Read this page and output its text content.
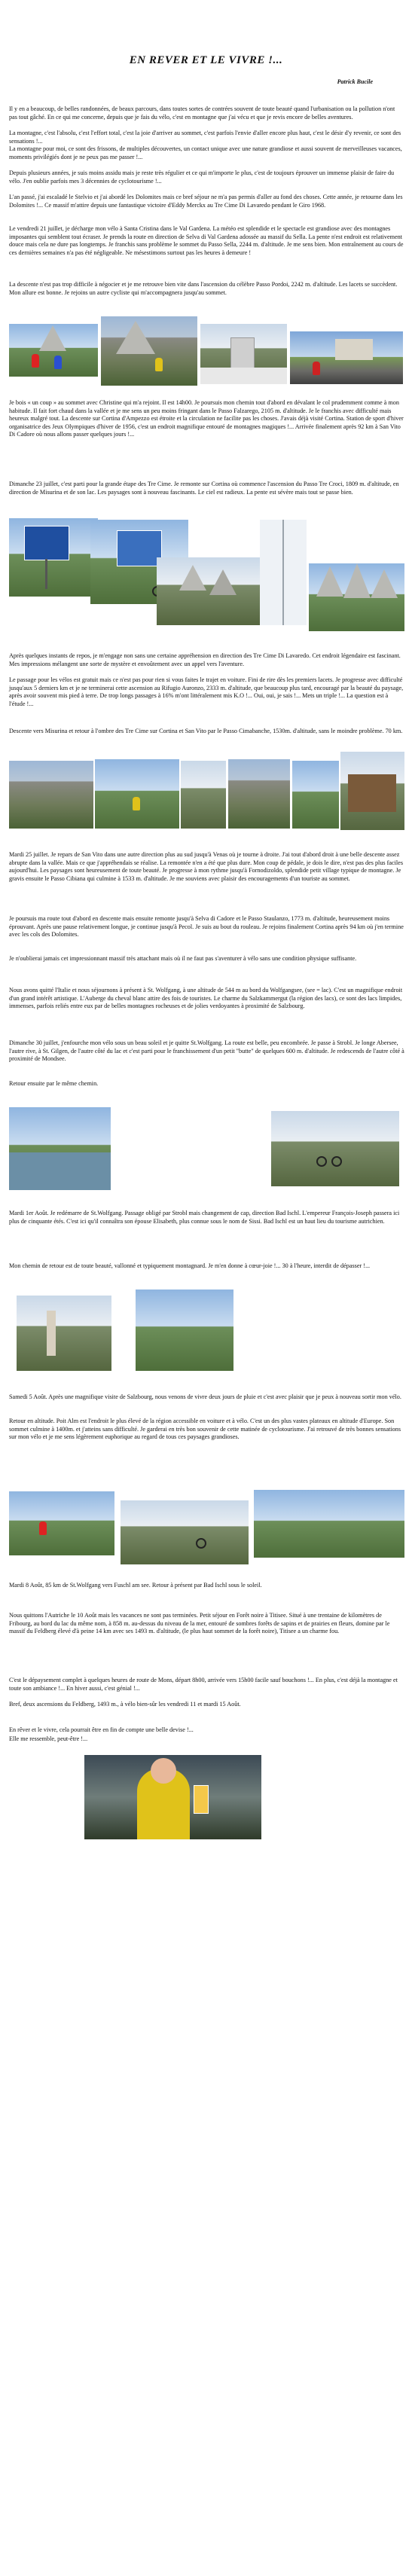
EN REVER ET LE VIVRE !...
Patrick Bucile

Il y en a beaucoup, de belles randonnées, de beaux parcours, dans toutes sortes de contrées souvent de toute beauté quand l'urbanisation ou la pollution n'ont pas tout gâché. En ce qui me concerne, depuis que je fais du vélo, c'est en montagne que j'ai vécu et que je revis encore de belles aventures.

La montagne, c'est l'absolu, c'est l'effort total, c'est la joie d'arriver au sommet, c'est parfois l'envie d'aller encore plus haut, c'est le désir d'y revenir, ce sont des sensations !...

La montagne pour moi, ce sont des frissons, de multiples découvertes, un contact unique avec une nature grandiose et aussi souvent de merveilleuses vacances, moments privilégiés dont je ne peux pas me passer !...

Depuis plusieurs années, je suis moins assidu mais je reste très régulier et ce qui m'importe le plus, c'est de toujours éprouver un immense plaisir de faire du vélo. J'en oublie parfois mes 3 décennies de cyclotourisme !...

L'an passé, j'ai escaladé le Stelvio et j'ai abordé les Dolomites mais ce bref séjour ne m'a pas permis d'aller au fond des choses. Cette année, je retourne dans les Dolomites !... Ce massif m'attire depuis une fantastique victoire d'Eddy Merckx au Tre Cime Di Lavaredo pendant le Giro 1968.

Le vendredi 21 juillet, je décharge mon vélo à Santa Cristina dans le Val Gardena. La météo est splendide et le spectacle est grandiose avec des montagnes imposantes qui semblent tout écraser. Je prends la route en direction de Selva di Val Gardena adossée au massif du Sella. La pente n'est endroit est relativement douce mais cela ne dure pas longtemps. Je franchis sans problème le sommet du Passo Sella, 2244 m. d'altitude. Je me sens bien. Mon entraînement au cours de ces dernières semaines n'a pas été négligeable. Ne mésestimons surtout pas les heures à demeure !

La descente n'est pas trop difficile à négocier et je me retrouve bien vite dans l'ascension du célèbre Passo Pordoi, 2242 m. d'altitude. Les lacets se succèdent. Mon allure est bonne. Je rejoins un autre cycliste qui m'accompagnera jusqu'au sommet.

Je bois « un coup » au sommet avec Christine qui m'a rejoint. Il est 14h00. Je poursuis mon chemin tout d'abord en dévalant le col prudemment comme à mon habitude. Il fait fort chaud dans la vallée et je me sens un peu moins fringant dans le Passo Falzarego, 2105 m. d'altitude. Je le franchis avec difficulté mais heureux malgré tout. La descente sur Cortina d'Ampezzo est étroite et la circulation ne facilite pas les choses. J'avais déjà visité Cortina. Station de sport d'hiver organisatrice des Jeux Olympiques d'hiver de 1956, c'est un endroit magnifique entouré de montagnes magiques !... Arrivée finalement après 92 km à San Vito Di Cadore où nous allons passer quelques jours !...

Dimanche 23 juillet, c'est parti pour la grande étape des Tre Cime. Je remonte sur Cortina où commence l'ascension du Passo Tre Croci, 1809 m. d'altitude, en direction de Misurina et de son lac. Les paysages sont à nouveau fascinants. Le ciel est radieux. La pente est sévère mais tout se passe bien.

Après quelques instants de repos, je m'engage non sans une certaine appréhension en direction des Tre Cime Di Lavaredo. Cet endroit légendaire est fascinant. Mes impressions mélangent une sorte de mystère et envoûtement avec un appel vers l'aventure.

Le passage pour les vélos est gratuit mais ce n'est pas pour rien si vous faites le trajet en voiture. Fini de rire dès les premiers lacets. Je progresse avec difficulté jusqu'aux 5 derniers km et je ne terminerai cette ascension au Rifugio Auronzo, 2333 m. d'altitude, que beaucoup plus tard, encouragé par la beauté du paysage, après avoir souvent mis pied à terre. De trop longs passages à 16% m'ont littéralement mis K.O !... Oui, oui, je sais !... Mets un triple !... La question est à l'étude !...

Descente vers Misurina et retour à l'ombre des Tre Cime sur Cortina et San Vito par le Passo Cimabanche, 1530m. d'altitude, sans le moindre problème. 70 km.

Mardi 25 juillet. Je repars de San Vito dans une autre direction plus au sud jusqu'à Venas où je tourne à droite. J'ai tout d'abord droit à une belle descente assez abrupte dans la vallée. Mais ce que j'appréhendais se réalise. La remontée n'en a été que plus dure. Mon coup de pédale, je dois le dire, n'est pas des plus faciles aujourd'hui. Les paysages sont heureusement de toute beauté. Je progresse à mon rythme jusqu'à Fornodizoldo, splendide petit village typique de montagne. Je gravis ensuite le Passo Cibiana qui culmine à 1533 m. d'altitude. Je me souviens avec plaisir des encouragements d'un touriste au sommet.

Je poursuis ma route tout d'abord en descente mais ensuite remonte jusqu'à Selva di Cadore et le Passo Staulanzo, 1773 m. d'altitude, heureusement moins éprouvant. Après une pause relativement longue, je continue jusqu'à Pecol. Je suis au bout du rouleau. Je rejoins finalement Cortina après 94 km où j'en termine avec les cols des Dolomites.

Je n'oublierai jamais cet impressionnant massif très attachant mais où il ne faut pas s'aventurer à vélo sans une condition physique suffisante.

Nous avons quitté l'Italie et nous séjournons à présent à St. Wolfgang, à une altitude de 544 m au bord du Wolfgangsee, (see = lac). C'est un magnifique endroit d'un grand intérêt artistique. L'Auberge du cheval blanc attire des fois de touristes. Le charme du Salzkammergut (la région des lacs), ce sont des lacs limpides, immenses, parfois reliés entre eux par de belles montagnes rocheuses et de jolies verdoyantes à proximité de Salzbourg.

Dimanche 30 juillet, j'enfourche mon vélo sous un beau soleil et je quitte St.Wolfgang. La route est belle, peu encombrée. Je passe à Strobl. Je longe Abersee, l'autre rive, à St. Gilgen, de l'autre côté du lac et c'est parti pour le franchissement d'un petit "butte" de quelques 600 m. d'altitude. Je redescends de l'autre côté à proximité de Mondsee.

Retour ensuite par le même chemin.

Mardi 1er Août. Je redémarre de St.Wolfgang. Passage obligé par Strobl mais changement de cap, direction Bad Ischl. L'empereur François-Joseph passera ici plus de cinquante étés. C'est ici qu'il connaîtra son épouse Elisabeth, plus connue sous le nom de Sissi. Bad Ischl est un haut lieu du tourisme autrichien.

Mon chemin de retour est de toute beauté, vallonné et typiquement montagnard. Je m'en donne à cœur-joie !... 30 à l'heure, interdit de dépasser !...

Samedi 5 Août. Après une magnifique visite de Salzbourg, nous venons de vivre deux jours de pluie et c'est avec plaisir que je peux à nouveau sortir mon vélo.

Retour en altitude. Poit Alm est l'endroit le plus élevé de la région accessible en voiture et à vélo. C'est un des plus vastes plateaux en altitude d'Europe. Son sommet culmine à 1400m. et j'atteins sans difficulté. Je garderai en très bon souvenir de cette matinée de cyclotourisme. J'ai retrouvé de très bonnes sensations sur mon vélo et je me sens légèrement euphorique au regard de tous ces paysages grandioses.

Mardi 8 Août, 85 km de St.Wolfgang vers Fuschl am see. Retour à présent par Bad Ischl sous le soleil.

Nous quittons l'Autriche le 10 Août mais les vacances ne sont pas terminées. Petit séjour en Forêt noire à Titisee. Situé à une trentaine de kilomètres de Fribourg, au bord du lac du même nom, à 858 m. au-dessus du niveau de la mer, entouré de sombres forêts de sapins et de prairies en fleurs, domine par le massif du Feldberg élevé d'à peine 14 km avec ses 1493 m. d'altitude, (le plus haut sommet de la forêt noire), Titisee a un charme fou.

C'est le dépaysement complet à quelques heures de route de Mons, départ 8h00, arrivée vers 15h00 facile sauf bouchons !... En plus, c'est déjà la montagne et toute son ambiance !... En hiver aussi, c'est génial !...

Bref, deux ascensions du Feldberg, 1493 m., à vélo bien-sûr les vendredi 11 et mardi 15 Août.

En rêver et le vivre, cela pourrait être en fin de compte une belle devise !...

Elle me ressemble, peut-être !...
